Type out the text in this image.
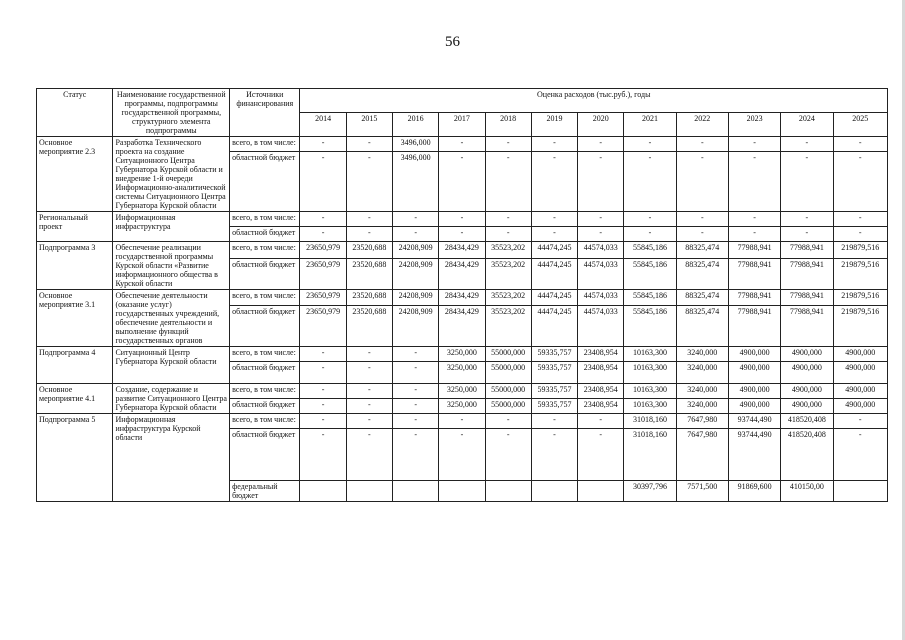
56
Статус	Наименование государственной программы, подпрограммы государственной программы, структурного элемента подпрограммы	Источники финансирования	Оценка расходов (тыс.руб.), годы											
			2014	2015	2016	2017	2018	2019	2020	2021	2022	2023	2024	2025
Основное мероприятие 2.3	Разработка Технического проекта на создание Ситуационного Центра Губернатора Курской области и внедрение 1-й очереди Информационно-аналитической системы Ситуационного Центра Губернатора Курской области	всего, в том числе:	-	-	3496,000	-	-	-	-	-	-	-	-	-
		областной бюджет	-	-	3496,000	-	-	-	-	-	-	-	-	-
Региональный проект	Информационная инфраструктура	всего, в том числе:	-	-	-	-	-	-	-	-	-	-	-	-
		областной бюджет	-	-	-	-	-	-	-	-	-	-	-	-
Подпрограмма 3	Обеспечение реализации государственной программы Курской области «Развитие информационного общества в Курской области	всего, в том числе:	23650,979	23520,688	24208,909	28434,429	35523,202	44474,245	44574,033	55845,186	88325,474	77988,941	77988,941	219879,516
		областной бюджет	23650,979	23520,688	24208,909	28434,429	35523,202	44474,245	44574,033	55845,186	88325,474	77988,941	77988,941	219879,516
Основное мероприятие 3.1	Обеспечение деятельности (оказание услуг) государственных учреждений, обеспечение деятельности и выполнение функций государственных органов	всего, в том числе:	23650,979	23520,688	24208,909	28434,429	35523,202	44474,245	44574,033	55845,186	88325,474	77988,941	77988,941	219879,516
		областной бюджет	23650,979	23520,688	24208,909	28434,429	35523,202	44474,245	44574,033	55845,186	88325,474	77988,941	77988,941	219879,516
Подпрограмма 4	Ситуационный Центр Губернатора Курской области	всего, в том числе:	-	-	-	3250,000	55000,000	59335,757	23408,954	10163,300	3240,000	4900,000	4900,000	4900,000
		областной бюджет	-	-	-	3250,000	55000,000	59335,757	23408,954	10163,300	3240,000	4900,000	4900,000	4900,000
Основное мероприятие 4.1	Создание, содержание и развитие Ситуационного Центра Губернатора Курской области	всего, в том числе:	-	-	-	3250,000	55000,000	59335,757	23408,954	10163,300	3240,000	4900,000	4900,000	4900,000
		областной бюджет	-	-	-	3250,000	55000,000	59335,757	23408,954	10163,300	3240,000	4900,000	4900,000	4900,000
Подпрограмма 5	Информационная инфраструктура Курской области	всего, в том числе:	-	-	-	-	-	-	-	31018,160	7647,980	93744,490	418520,408	-
		областной бюджет	-	-	-	-	-	-	-	31018,160	7647,980	93744,490	418520,408	-
		федеральный бюджет								30397,796	7571,500	91869,600	410150,00	
